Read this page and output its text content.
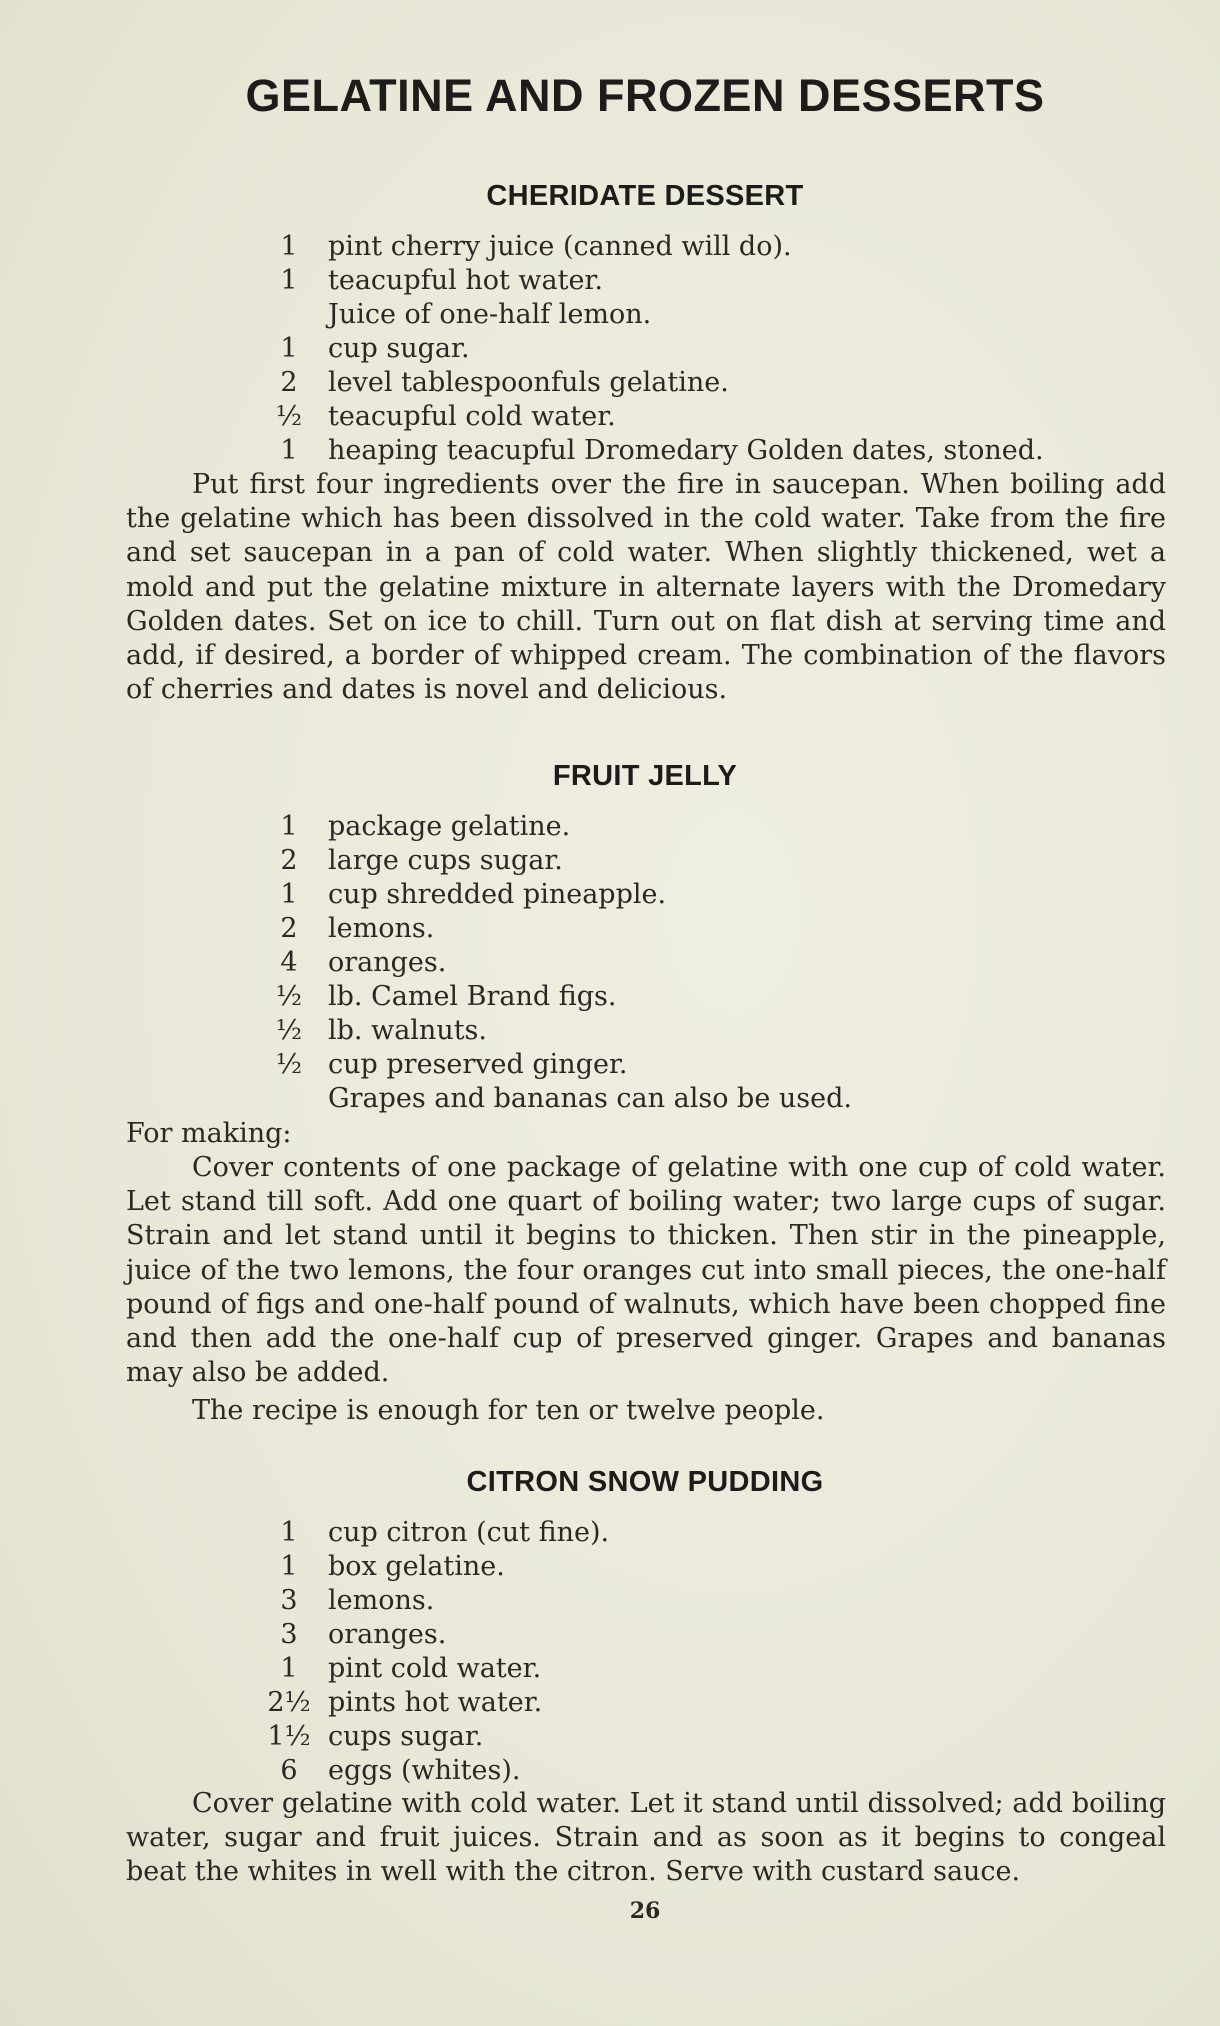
GELATINE AND FROZEN DESSERTS
CHERIDATE DESSERT
1 pint cherry juice (canned will do).
1 teacupful hot water.
Juice of one-half lemon.
1 cup sugar.
2 level tablespoonfuls gelatine.
½ teacupful cold water.
1 heaping teacupful Dromedary Golden dates, stoned.
Put first four ingredients over the fire in saucepan. When boiling add the gelatine which has been dissolved in the cold water. Take from the fire and set saucepan in a pan of cold water. When slightly thickened, wet a mold and put the gelatine mixture in alternate layers with the Dromedary Golden dates. Set on ice to chill. Turn out on flat dish at serving time and add, if desired, a border of whipped cream. The combination of the flavors of cherries and dates is novel and delicious.
FRUIT JELLY
1 package gelatine.
2 large cups sugar.
1 cup shredded pineapple.
2 lemons.
4 oranges.
½ lb. Camel Brand figs.
½ lb. walnuts.
½ cup preserved ginger.
Grapes and bananas can also be used.
For making:
Cover contents of one package of gelatine with one cup of cold water. Let stand till soft. Add one quart of boiling water; two large cups of sugar. Strain and let stand until it begins to thicken. Then stir in the pineapple, juice of the two lemons, the four oranges cut into small pieces, the one-half pound of figs and one-half pound of walnuts, which have been chopped fine and then add the one-half cup of preserved ginger. Grapes and bananas may also be added.
The recipe is enough for ten or twelve people.
CITRON SNOW PUDDING
1 cup citron (cut fine).
1 box gelatine.
3 lemons.
3 oranges.
1 pint cold water.
2½ pints hot water.
1½ cups sugar.
6 eggs (whites).
Cover gelatine with cold water. Let it stand until dissolved; add boiling water, sugar and fruit juices. Strain and as soon as it begins to congeal beat the whites in well with the citron. Serve with custard sauce.
26
